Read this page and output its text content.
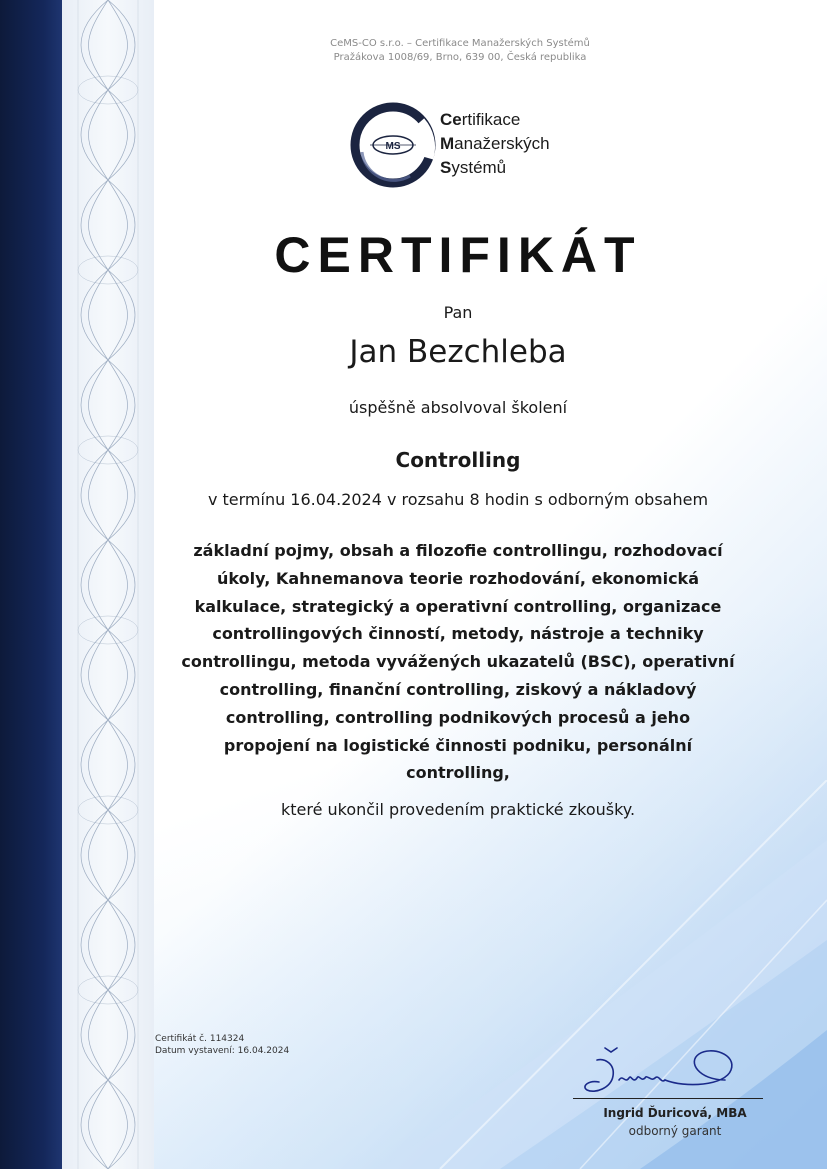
CeMS-CO s.r.o. – Certifikace Manažerských Systémů
Pražákova 1008/69, Brno, 639 00, Česká republika
MS
Certifikace
Manažerských
Systémů
CERTIFIKÁT
Pan
Jan Bezchleba
úspěšně absolvoval školení
Controlling
v termínu 16.04.2024 v rozsahu 8 hodin s odborným obsahem
základní pojmy, obsah a filozofie controllingu, rozhodovací
úkoly, Kahnemanova teorie rozhodování, ekonomická
kalkulace, strategický a operativní controlling, organizace
controllingových činností, metody, nástroje a techniky
controllingu, metoda vyvážených ukazatelů (BSC), operativní
controlling, finanční controlling, ziskový a nákladový
controlling, controlling podnikových procesů a jeho
propojení na logistické činnosti podniku, personální
controlling,
které ukončil provedením praktické zkoušky.
Certifikát č. 114324
Datum vystavení: 16.04.2024
Ingrid Ďuricová, MBA
odborný garant
